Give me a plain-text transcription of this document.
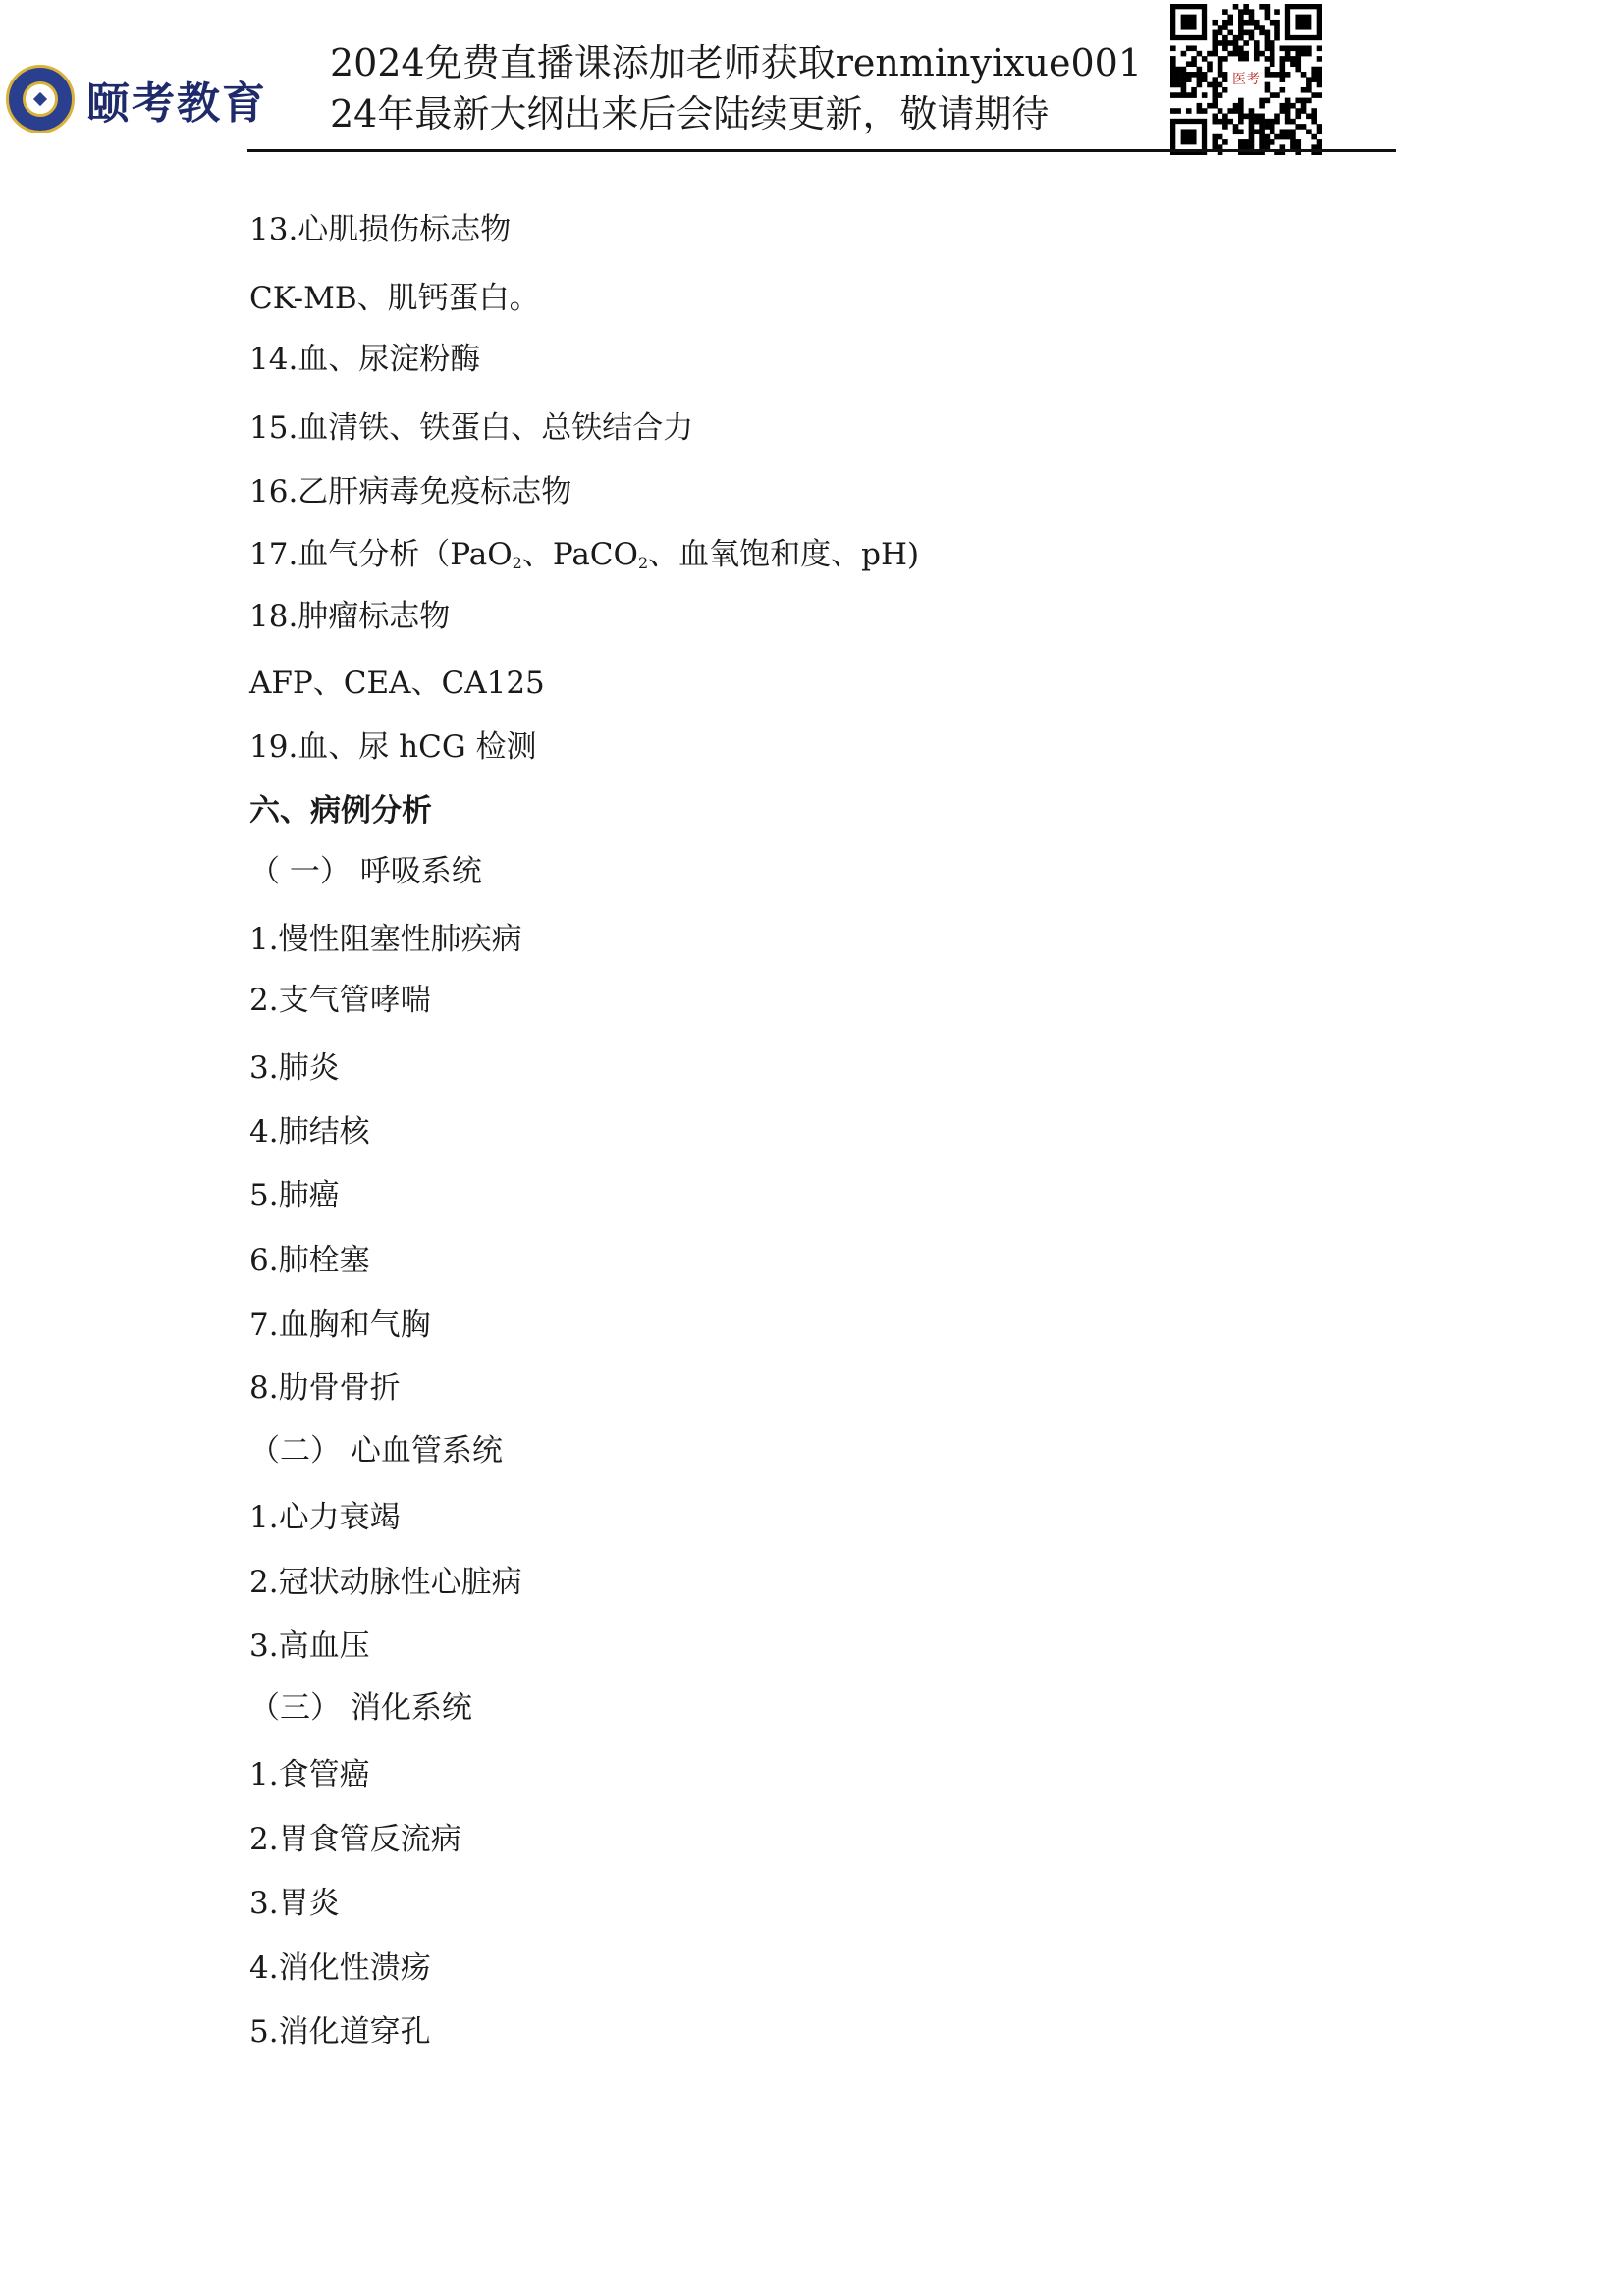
颐考教育
2024免费直播课添加老师获取renminyixue001
24年最新大纲出来后会陆续更新，敬请期待
医考
13.心肌损伤标志物
CK-MB、肌钙蛋白。
14.血、尿淀粉酶
15.血清铁、铁蛋白、总铁结合力
16.乙肝病毒免疫标志物
17.血气分析（PaO$_2$、PaCO$_2$、血氧饱和度、pH)
18.肿瘤标志物
AFP、CEA、CA125
19.血、尿 hCG 检测
六、病例分析
（ 一） 呼吸系统
1.慢性阻塞性肺疾病
2.支气管哮喘
3.肺炎
4.肺结核
5.肺癌
6.肺栓塞
7.血胸和气胸
8.肋骨骨折
（二） 心血管系统
1.心力衰竭
2.冠状动脉性心脏病
3.高血压
（三） 消化系统
1.食管癌
2.胃食管反流病
3.胃炎
4.消化性溃疡
5.消化道穿孔
